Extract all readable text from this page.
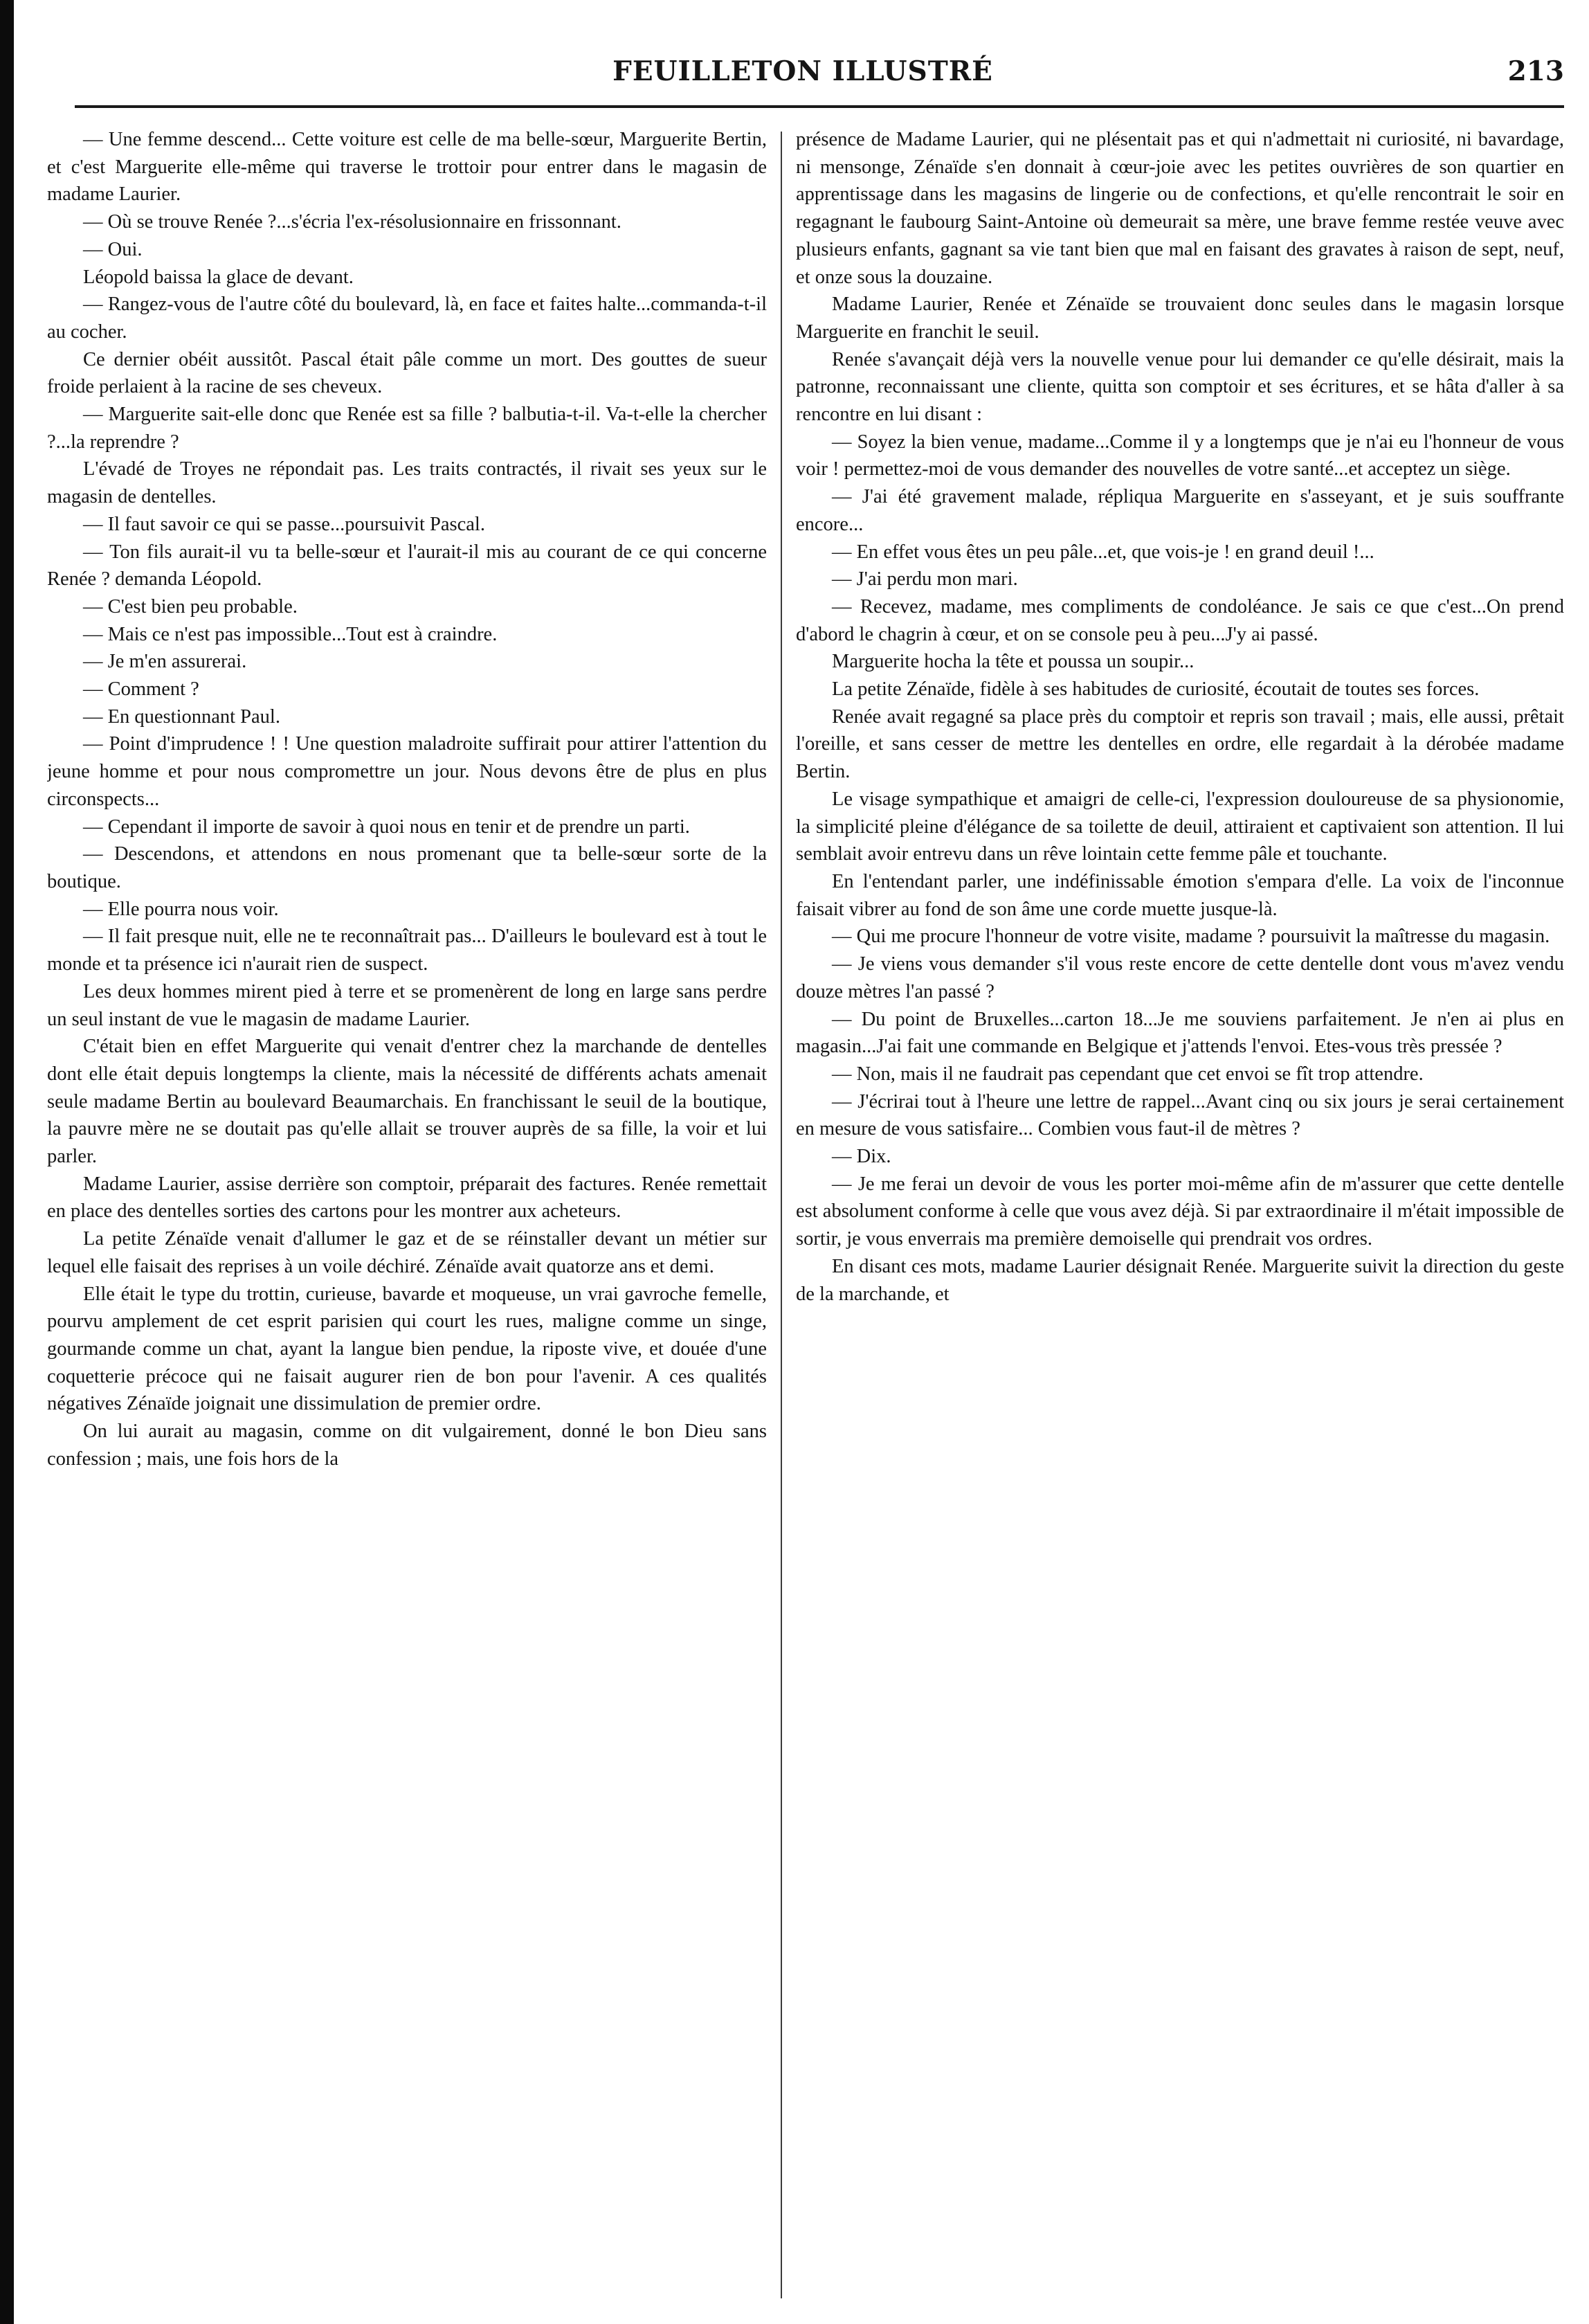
FEUILLETON ILLUSTRÉ	213

— Une femme descend... Cette voiture est celle de ma belle-sœur, Marguerite Bertin, et c'est Marguerite elle-même qui traverse le trottoir pour entrer dans le magasin de madame Laurier.

— Où se trouve Renée ?...s'écria l'ex-résolusionnaire en frissonnant.

— Oui.

Léopold baissa la glace de devant.

— Rangez-vous de l'autre côté du boulevard, là, en face et faites halte...commanda-t-il au cocher.

Ce dernier obéit aussitôt. Pascal était pâle comme un mort. Des gouttes de sueur froide perlaient à la racine de ses cheveux.

— Marguerite sait-elle donc que Renée est sa fille ? balbutia-t-il. Va-t-elle la chercher ?...la reprendre ?

L'évadé de Troyes ne répondait pas. Les traits contractés, il rivait ses yeux sur le magasin de dentelles.

— Il faut savoir ce qui se passe...poursuivit Pascal.

— Ton fils aurait-il vu ta belle-sœur et l'aurait-il mis au courant de ce qui concerne Renée ? demanda Léopold.

— C'est bien peu probable.

— Mais ce n'est pas impossible...Tout est à craindre.

— Je m'en assurerai.

— Comment ?

— En questionnant Paul.

— Point d'imprudence ! ! Une question maladroite suffirait pour attirer l'attention du jeune homme et pour nous compromettre un jour. Nous devons être de plus en plus circonspects...

— Cependant il importe de savoir à quoi nous en tenir et de prendre un parti.

— Descendons, et attendons en nous promenant que ta belle-sœur sorte de la boutique.

— Elle pourra nous voir.

— Il fait presque nuit, elle ne te reconnaîtrait pas... D'ailleurs le boulevard est à tout le monde et ta présence ici n'aurait rien de suspect.

Les deux hommes mirent pied à terre et se promenèrent de long en large sans perdre un seul instant de vue le magasin de madame Laurier.

C'était bien en effet Marguerite qui venait d'entrer chez la marchande de dentelles dont elle était depuis longtemps la cliente, mais la nécessité de différents achats amenait seule madame Bertin au boulevard Beaumarchais. En franchissant le seuil de la boutique, la pauvre mère ne se doutait pas qu'elle allait se trouver auprès de sa fille, la voir et lui parler.

Madame Laurier, assise derrière son comptoir, préparait des factures. Renée remettait en place des dentelles sorties des cartons pour les montrer aux acheteurs.

La petite Zénaïde venait d'allumer le gaz et de se réinstaller devant un métier sur lequel elle faisait des reprises à un voile déchiré. Zénaïde avait quatorze ans et demi.

Elle était le type du trottin, curieuse, bavarde et moqueuse, un vrai gavroche femelle, pourvu amplement de cet esprit parisien qui court les rues, maligne comme un singe, gourmande comme un chat, ayant la langue bien pendue, la riposte vive, et douée d'une coquetterie précoce qui ne faisait augurer rien de bon pour l'avenir. A ces qualités négatives Zénaïde joignait une dissimulation de premier ordre.

On lui aurait au magasin, comme on dit vulgairement, donné le bon Dieu sans confession ; mais, une fois hors de la

présence de Madame Laurier, qui ne plésentait pas et qui n'admettait ni curiosité, ni bavardage, ni mensonge, Zénaïde s'en donnait à cœur-joie avec les petites ouvrières de son quartier en apprentissage dans les magasins de lingerie ou de confections, et qu'elle rencontrait le soir en regagnant le faubourg Saint-Antoine où demeurait sa mère, une brave femme restée veuve avec plusieurs enfants, gagnant sa vie tant bien que mal en faisant des gravates à raison de sept, neuf, et onze sous la douzaine.

Madame Laurier, Renée et Zénaïde se trouvaient donc seules dans le magasin lorsque Marguerite en franchit le seuil.

Renée s'avançait déjà vers la nouvelle venue pour lui demander ce qu'elle désirait, mais la patronne, reconnaissant une cliente, quitta son comptoir et ses écritures, et se hâta d'aller à sa rencontre en lui disant :

— Soyez la bien venue, madame...Comme il y a longtemps que je n'ai eu l'honneur de vous voir ! permettez-moi de vous demander des nouvelles de votre santé...et acceptez un siège.

— J'ai été gravement malade, répliqua Marguerite en s'asseyant, et je suis souffrante encore...

— En effet vous êtes un peu pâle...et, que vois-je ! en grand deuil !...

— J'ai perdu mon mari.

— Recevez, madame, mes compliments de condoléance. Je sais ce que c'est...On prend d'abord le chagrin à cœur, et on se console peu à peu...J'y ai passé.

Marguerite hocha la tête et poussa un soupir...

La petite Zénaïde, fidèle à ses habitudes de curiosité, écoutait de toutes ses forces.

Renée avait regagné sa place près du comptoir et repris son travail ; mais, elle aussi, prêtait l'oreille, et sans cesser de mettre les dentelles en ordre, elle regardait à la dérobée madame Bertin.

Le visage sympathique et amaigri de celle-ci, l'expression douloureuse de sa physionomie, la simplicité pleine d'élégance de sa toilette de deuil, attiraient et captivaient son attention. Il lui semblait avoir entrevu dans un rêve lointain cette femme pâle et touchante.

En l'entendant parler, une indéfinissable émotion s'empara d'elle. La voix de l'inconnue faisait vibrer au fond de son âme une corde muette jusque-là.

— Qui me procure l'honneur de votre visite, madame ? poursuivit la maîtresse du magasin.

— Je viens vous demander s'il vous reste encore de cette dentelle dont vous m'avez vendu douze mètres l'an passé ?

— Du point de Bruxelles...carton 18...Je me souviens parfaitement. Je n'en ai plus en magasin...J'ai fait une commande en Belgique et j'attends l'envoi. Etes-vous très pressée ?

— Non, mais il ne faudrait pas cependant que cet envoi se fît trop attendre.

— J'écrirai tout à l'heure une lettre de rappel...Avant cinq ou six jours je serai certainement en mesure de vous satisfaire... Combien vous faut-il de mètres ?

— Dix.

— Je me ferai un devoir de vous les porter moi-même afin de m'assurer que cette dentelle est absolument conforme à celle que vous avez déjà. Si par extraordinaire il m'était impossible de sortir, je vous enverrais ma première demoiselle qui prendrait vos ordres.

En disant ces mots, madame Laurier désignait Renée. Marguerite suivit la direction du geste de la marchande, et
